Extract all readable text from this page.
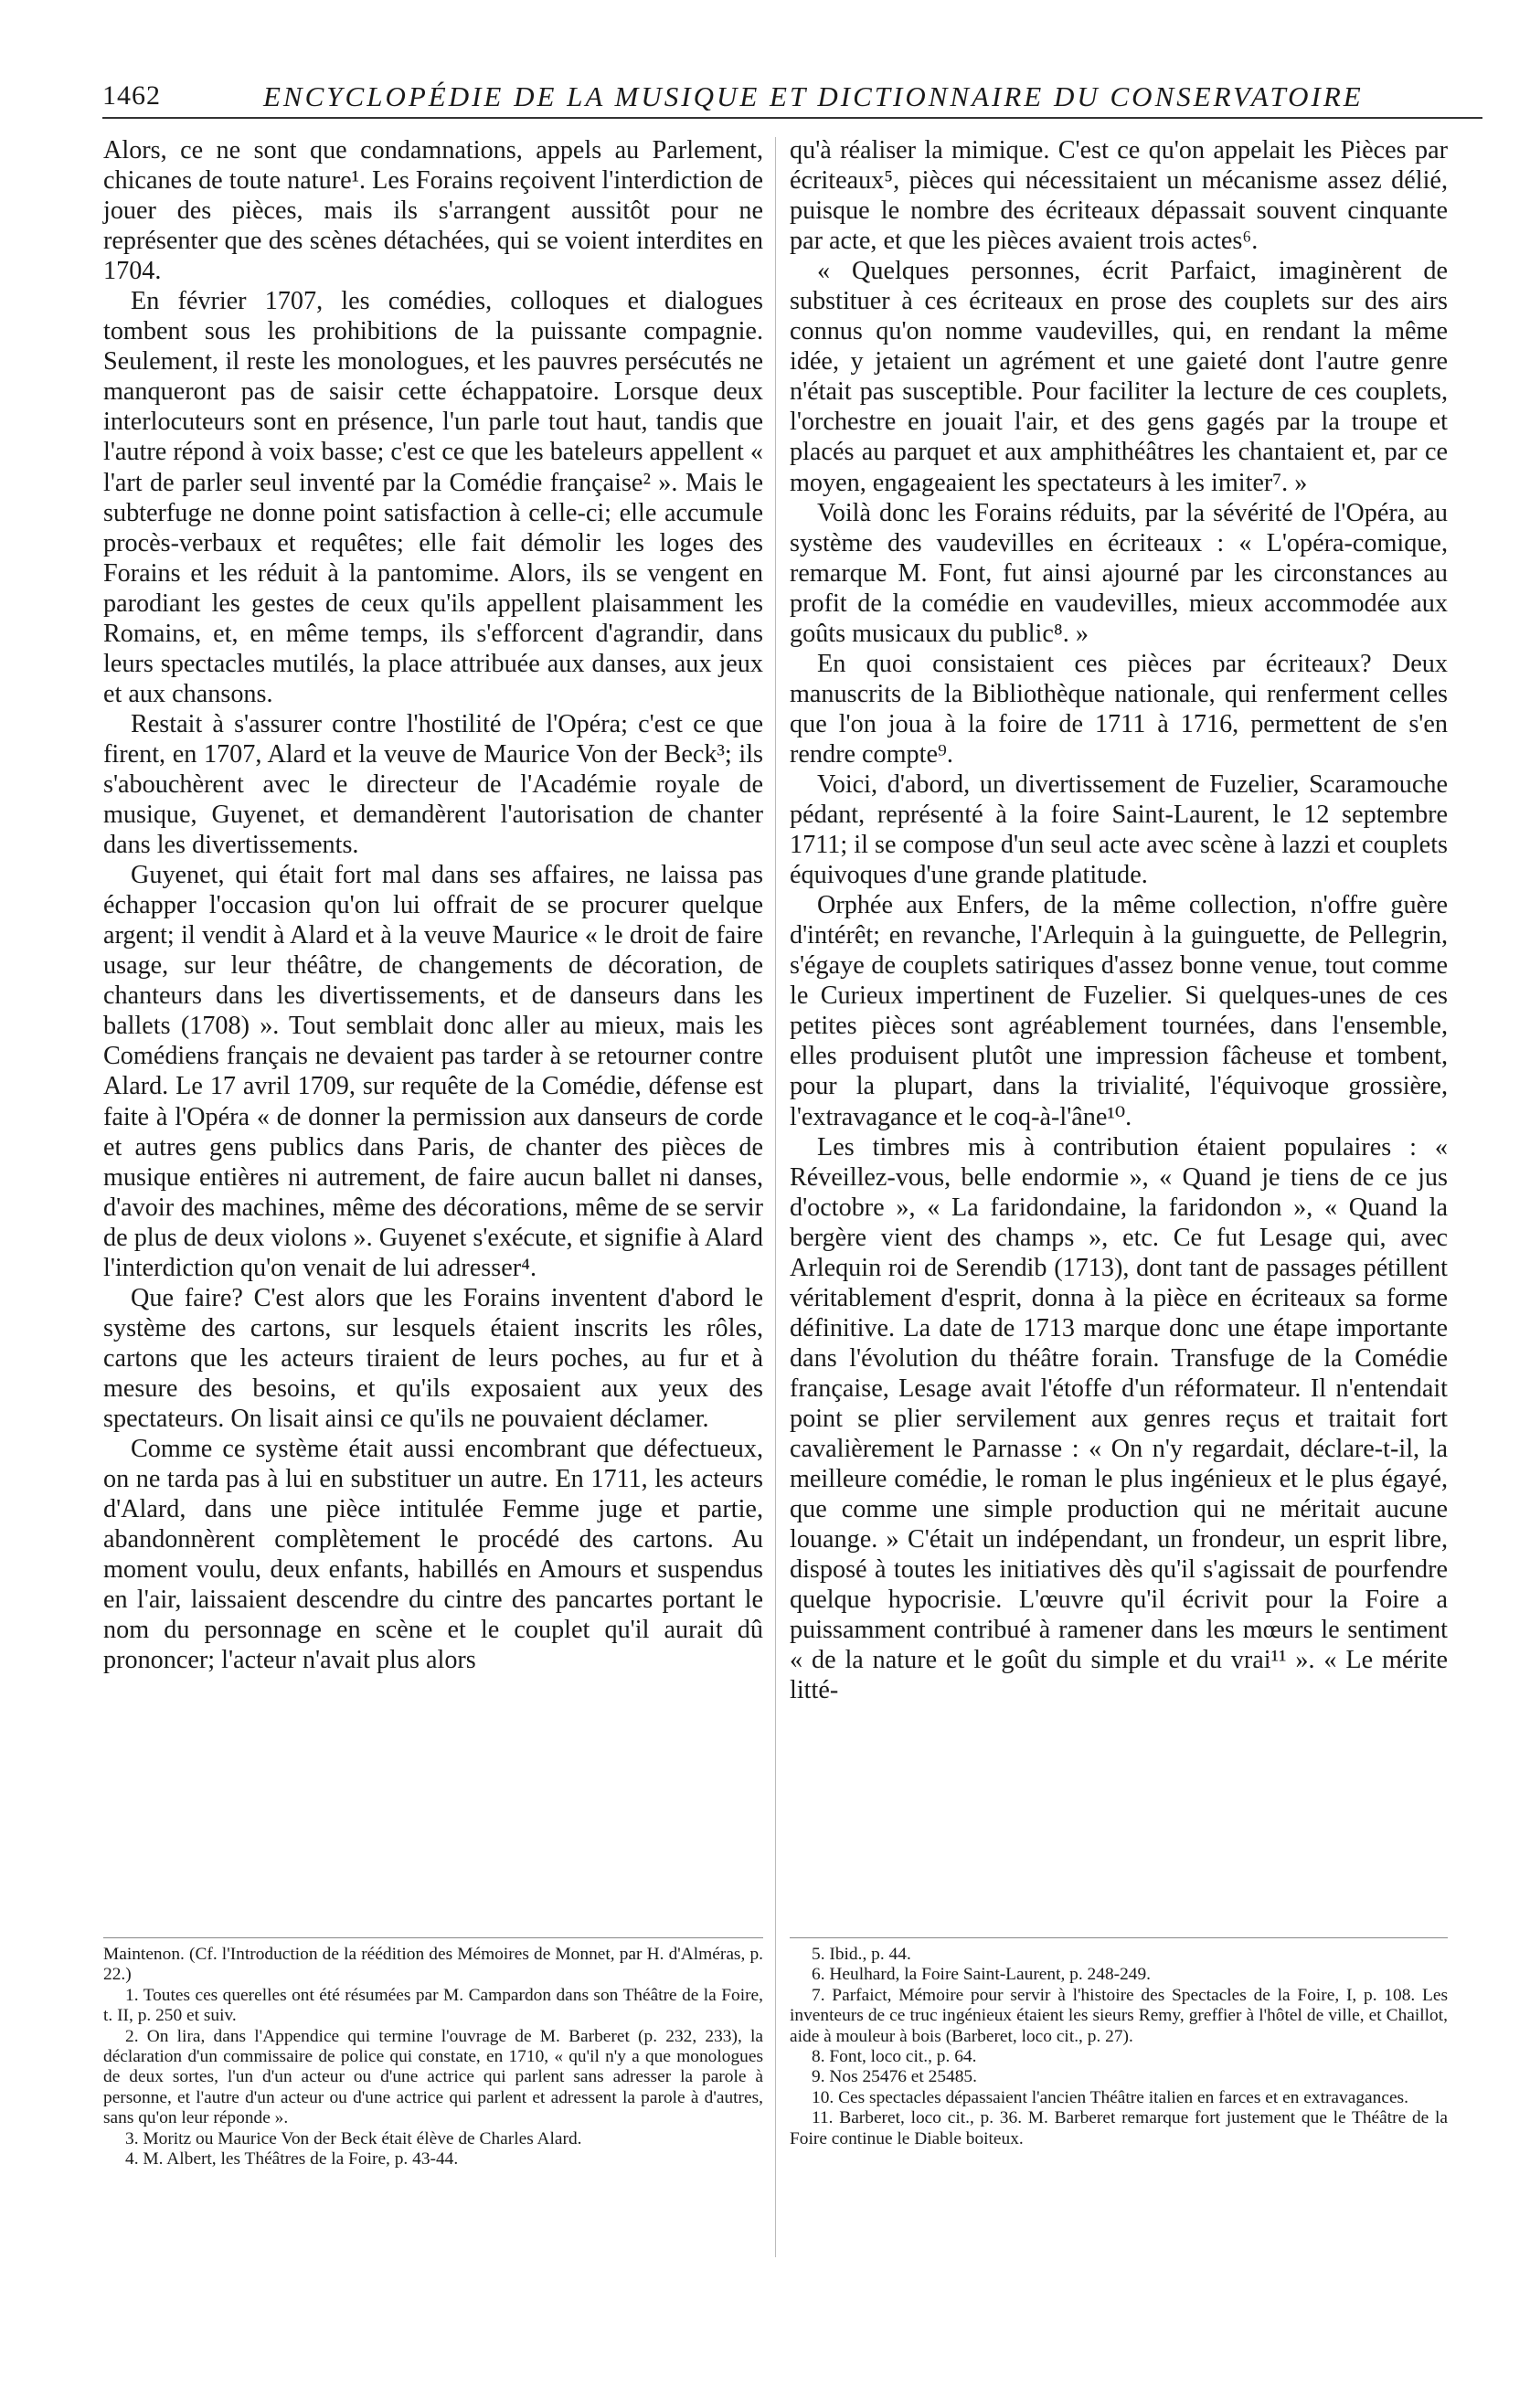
1462	ENCYCLOPÉDIE DE LA MUSIQUE ET DICTIONNAIRE DU CONSERVATOIRE

Alors, ce ne sont que condamnations, appels au Parlement, chicanes de toute nature¹. Les Forains reçoivent l'interdiction de jouer des pièces, mais ils s'arrangent aussitôt pour ne représenter que des scènes détachées, qui se voient interdites en 1704.

En février 1707, les comédies, colloques et dialogues tombent sous les prohibitions de la puissante compagnie. Seulement, il reste les monologues, et les pauvres persécutés ne manqueront pas de saisir cette échappatoire. Lorsque deux interlocuteurs sont en présence, l'un parle tout haut, tandis que l'autre répond à voix basse; c'est ce que les bateleurs appellent « l'art de parler seul inventé par la Comédie française² ». Mais le subterfuge ne donne point satisfaction à celle-ci; elle accumule procès-verbaux et requêtes; elle fait démolir les loges des Forains et les réduit à la pantomime. Alors, ils se vengent en parodiant les gestes de ceux qu'ils appellent plaisamment les Romains, et, en même temps, ils s'efforcent d'agrandir, dans leurs spectacles mutilés, la place attribuée aux danses, aux jeux et aux chansons.

Restait à s'assurer contre l'hostilité de l'Opéra; c'est ce que firent, en 1707, Alard et la veuve de Maurice Von der Beck³; ils s'abouchèrent avec le directeur de l'Académie royale de musique, Guyenet, et demandèrent l'autorisation de chanter dans les divertissements.

Guyenet, qui était fort mal dans ses affaires, ne laissa pas échapper l'occasion qu'on lui offrait de se procurer quelque argent; il vendit à Alard et à la veuve Maurice « le droit de faire usage, sur leur théâtre, de changements de décoration, de chanteurs dans les divertissements, et de danseurs dans les ballets (1708) ». Tout semblait donc aller au mieux, mais les Comédiens français ne devaient pas tarder à se retourner contre Alard. Le 17 avril 1709, sur requête de la Comédie, défense est faite à l'Opéra « de donner la permission aux danseurs de corde et autres gens publics dans Paris, de chanter des pièces de musique entières ni autrement, de faire aucun ballet ni danses, d'avoir des machines, même des décorations, même de se servir de plus de deux violons ». Guyenet s'exécute, et signifie à Alard l'interdiction qu'on venait de lui adresser⁴.

Que faire? C'est alors que les Forains inventent d'abord le système des cartons, sur lesquels étaient inscrits les rôles, cartons que les acteurs tiraient de leurs poches, au fur et à mesure des besoins, et qu'ils exposaient aux yeux des spectateurs. On lisait ainsi ce qu'ils ne pouvaient déclamer.

Comme ce système était aussi encombrant que défectueux, on ne tarda pas à lui en substituer un autre. En 1711, les acteurs d'Alard, dans une pièce intitulée Femme juge et partie, abandonnèrent complètement le procédé des cartons. Au moment voulu, deux enfants, habillés en Amours et suspendus en l'air, laissaient descendre du cintre des pancartes portant le nom du personnage en scène et le couplet qu'il aurait dû prononcer; l'acteur n'avait plus alors

qu'à réaliser la mimique. C'est ce qu'on appelait les Pièces par écriteaux⁵, pièces qui nécessitaient un mécanisme assez délié, puisque le nombre des écriteaux dépassait souvent cinquante par acte, et que les pièces avaient trois actes⁶.

« Quelques personnes, écrit Parfaict, imaginèrent de substituer à ces écriteaux en prose des couplets sur des airs connus qu'on nomme vaudevilles, qui, en rendant la même idée, y jetaient un agrément et une gaieté dont l'autre genre n'était pas susceptible. Pour faciliter la lecture de ces couplets, l'orchestre en jouait l'air, et des gens gagés par la troupe et placés au parquet et aux amphithéâtres les chantaient et, par ce moyen, engageaient les spectateurs à les imiter⁷. »

Voilà donc les Forains réduits, par la sévérité de l'Opéra, au système des vaudevilles en écriteaux : « L'opéra-comique, remarque M. Font, fut ainsi ajourné par les circonstances au profit de la comédie en vaudevilles, mieux accommodée aux goûts musicaux du public⁸. »

En quoi consistaient ces pièces par écriteaux? Deux manuscrits de la Bibliothèque nationale, qui renferment celles que l'on joua à la foire de 1711 à 1716, permettent de s'en rendre compte⁹.

Voici, d'abord, un divertissement de Fuzelier, Scaramouche pédant, représenté à la foire Saint-Laurent, le 12 septembre 1711; il se compose d'un seul acte avec scène à lazzi et couplets équivoques d'une grande platitude.

Orphée aux Enfers, de la même collection, n'offre guère d'intérêt; en revanche, l'Arlequin à la guinguette, de Pellegrin, s'égaye de couplets satiriques d'assez bonne venue, tout comme le Curieux impertinent de Fuzelier. Si quelques-unes de ces petites pièces sont agréablement tournées, dans l'ensemble, elles produisent plutôt une impression fâcheuse et tombent, pour la plupart, dans la trivialité, l'équivoque grossière, l'extravagance et le coq-à-l'âne¹⁰.

Les timbres mis à contribution étaient populaires : « Réveillez-vous, belle endormie », « Quand je tiens de ce jus d'octobre », « La faridondaine, la faridondon », « Quand la bergère vient des champs », etc. Ce fut Lesage qui, avec Arlequin roi de Serendib (1713), dont tant de passages pétillent véritablement d'esprit, donna à la pièce en écriteaux sa forme définitive. La date de 1713 marque donc une étape importante dans l'évolution du théâtre forain. Transfuge de la Comédie française, Lesage avait l'étoffe d'un réformateur. Il n'entendait point se plier servilement aux genres reçus et traitait fort cavalièrement le Parnasse : « On n'y regardait, déclare-t-il, la meilleure comédie, le roman le plus ingénieux et le plus égayé, que comme une simple production qui ne méritait aucune louange. » C'était un indépendant, un frondeur, un esprit libre, disposé à toutes les initiatives dès qu'il s'agissait de pourfendre quelque hypocrisie. L'œuvre qu'il écrivit pour la Foire a puissamment contribué à ramener dans les mœurs le sentiment « de la nature et le goût du simple et du vrai¹¹ ». « Le mérite litté-

Maintenon. (Cf. l'Introduction de la réédition des Mémoires de Monnet, par H. d'Alméras, p. 22.)

1. Toutes ces querelles ont été résumées par M. Campardon dans son Théâtre de la Foire, t. II, p. 250 et suiv.

2. On lira, dans l'Appendice qui termine l'ouvrage de M. Barberet (p. 232, 233), la déclaration d'un commissaire de police qui constate, en 1710, « qu'il n'y a que monologues de deux sortes, l'un d'un acteur ou d'une actrice qui parlent sans adresser la parole à personne, et l'autre d'un acteur ou d'une actrice qui parlent et adressent la parole à d'autres, sans qu'on leur réponde ».

3. Moritz ou Maurice Von der Beck était élève de Charles Alard.

4. M. Albert, les Théâtres de la Foire, p. 43-44.

5. Ibid., p. 44.

6. Heulhard, la Foire Saint-Laurent, p. 248-249.

7. Parfaict, Mémoire pour servir à l'histoire des Spectacles de la Foire, I, p. 108. Les inventeurs de ce truc ingénieux étaient les sieurs Remy, greffier à l'hôtel de ville, et Chaillot, aide à mouleur à bois (Barberet, loco cit., p. 27).

8. Font, loco cit., p. 64.

9. Nos 25476 et 25485.

10. Ces spectacles dépassaient l'ancien Théâtre italien en farces et en extravagances.

11. Barberet, loco cit., p. 36. M. Barberet remarque fort justement que le Théâtre de la Foire continue le Diable boiteux.
